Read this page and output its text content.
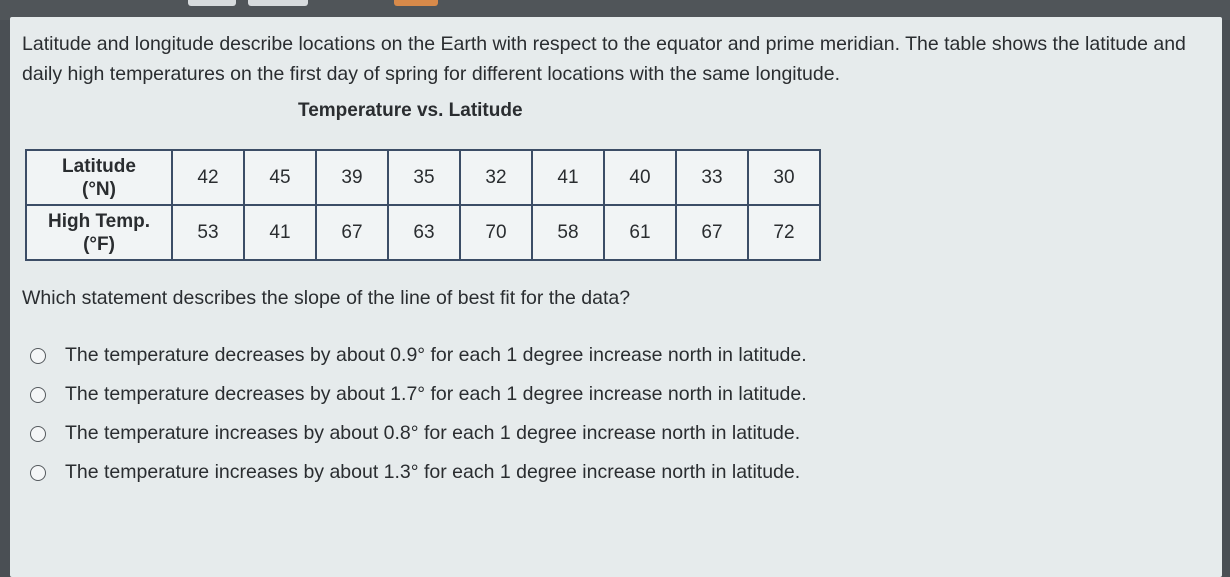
Latitude and longitude describe locations on the Earth with respect to the equator and prime meridian. The table shows the latitude and daily high temperatures on the first day of spring for different locations with the same longitude.

Temperature vs. Latitude

Latitude
(°N)	42	45	39	35	32	41	40	33	30

High Temp.
(°F)	53	41	67	63	70	58	61	67	72

Which statement describes the slope of the line of best fit for the data?

The temperature decreases by about 0.9° for each 1 degree increase north in latitude.
The temperature decreases by about 1.7° for each 1 degree increase north in latitude.
The temperature increases by about 0.8° for each 1 degree increase north in latitude.
The temperature increases by about 1.3° for each 1 degree increase north in latitude.
